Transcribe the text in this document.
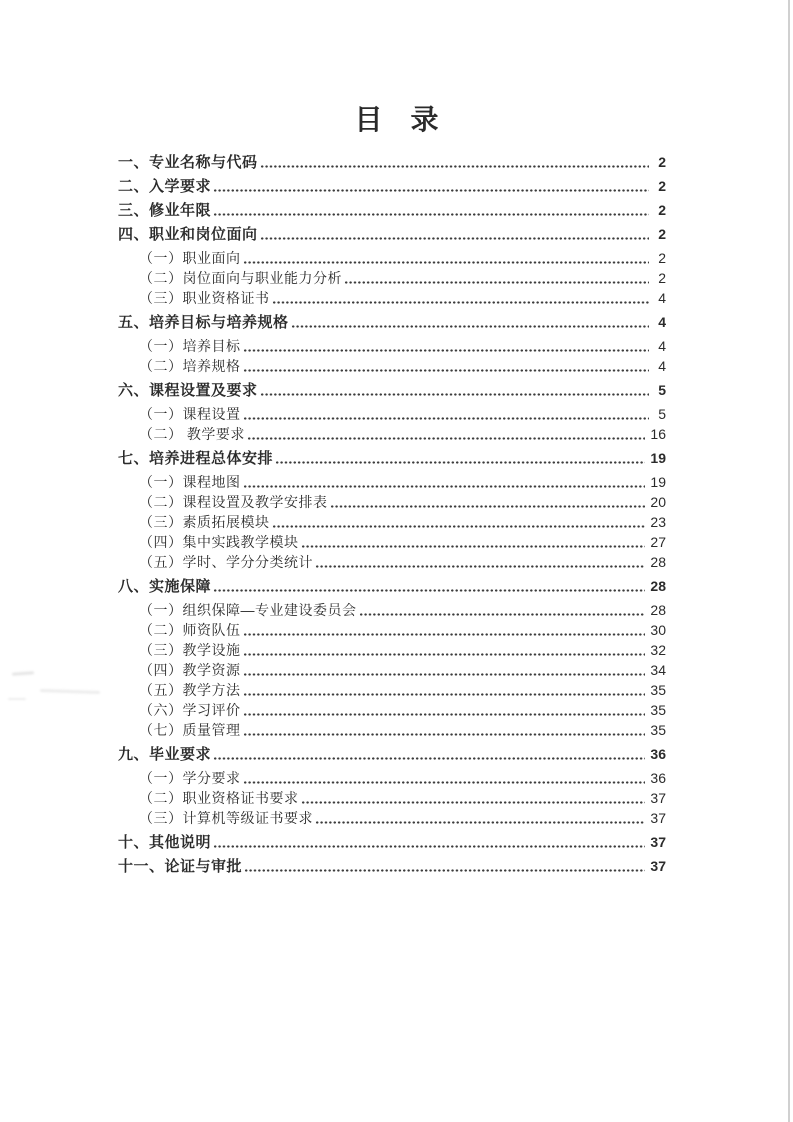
目　录
一、专业名称与代码	2
二、入学要求	2
三、修业年限	2
四、职业和岗位面向	2
（一）职业面向	2
（二）岗位面向与职业能力分析	2
（三）职业资格证书	4
五、培养目标与培养规格	4
（一）培养目标	4
（二）培养规格	4
六、课程设置及要求	5
（一）课程设置	5
（二） 教学要求	16
七、培养进程总体安排	19
（一）课程地图	19
（二）课程设置及教学安排表	20
（三）素质拓展模块	23
（四）集中实践教学模块	27
（五）学时、学分分类统计	28
八、实施保障	28
（一）组织保障—专业建设委员会	28
（二）师资队伍	30
（三）教学设施	32
（四）教学资源	34
（五）教学方法	35
（六）学习评价	35
（七）质量管理	35
九、毕业要求	36
（一）学分要求	36
（二）职业资格证书要求	37
（三）计算机等级证书要求	37
十、其他说明	37
十一、论证与审批	37
